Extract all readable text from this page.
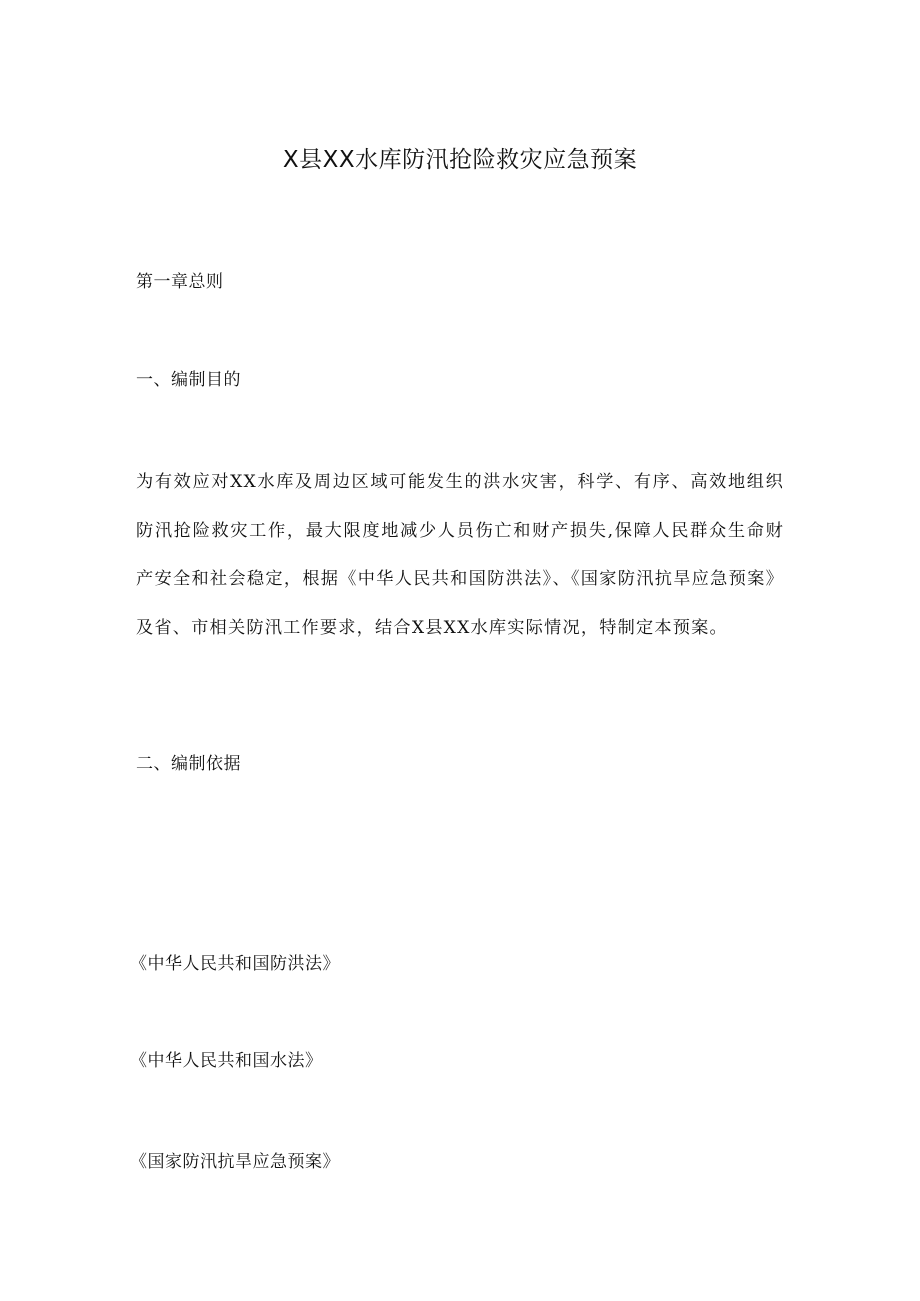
X县XX水库防汛抢险救灾应急预案
第一章总则
一、编制目的

为有效应对XX水库及周边区域可能发生的洪水灾害，科学、有序、高效地组织防汛抢险救灾工作，最大限度地减少人员伤亡和财产损失,保障人民群众生命财产安全和社会稳定，根据《中华人民共和国防洪法》、《国家防汛抗旱应急预案》及省、市相关防汛工作要求，结合X县XX水库实际情况，特制定本预案。

二、编制依据

《中华人民共和国防洪法》

《中华人民共和国水法》

《国家防汛抗旱应急预案》
